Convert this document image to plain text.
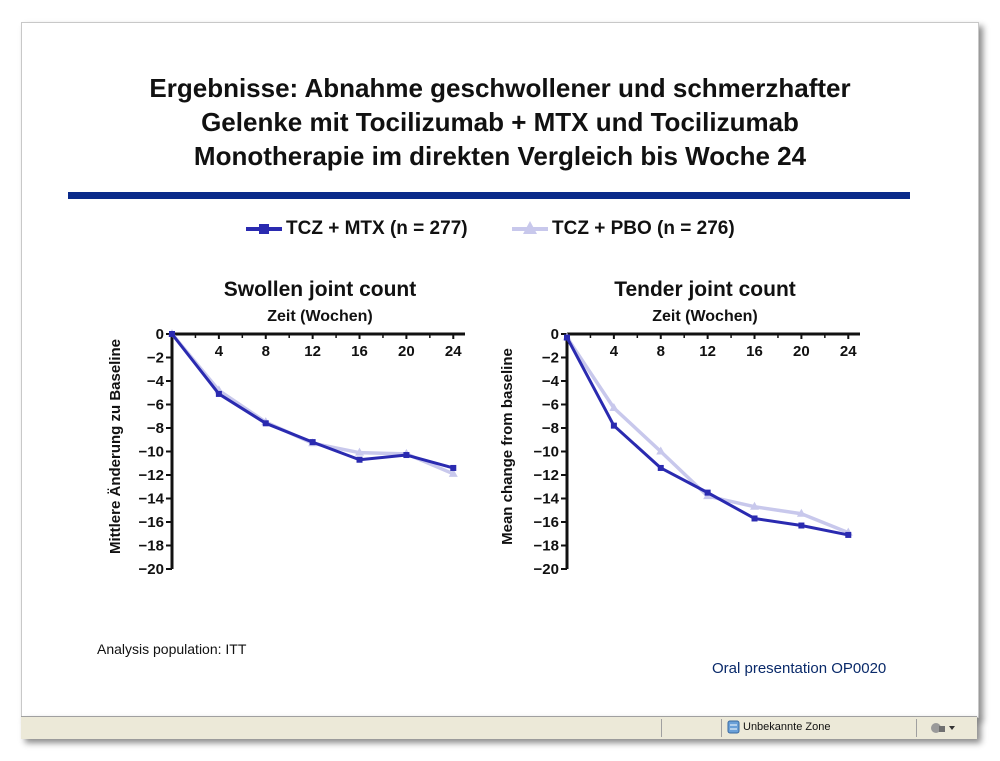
Ergebnisse: Abnahme geschwollener und schmerzhafter
Gelenke mit Tocilizumab + MTX und Tocilizumab
Monotherapie im direkten Vergleich bis Woche 24
TCZ + MTX (n = 277)	TCZ + PBO (n = 276)
Swollen joint count
Zeit (Wochen)
Mittlere Änderung zu Baseline	4	8 12 16 20 24
0
−2
−4
−6
−8
−10
−12
−14
−16
−18
−20
Tender joint count
Zeit (Wochen)
Mean change from baseline	4	8 12 16 20 24
0
−2
−4
−6
−8
−10
−12
−14
−16
−18
−20
Analysis population: ITT
Oral presentation OP0020
Unbekannte Zone
